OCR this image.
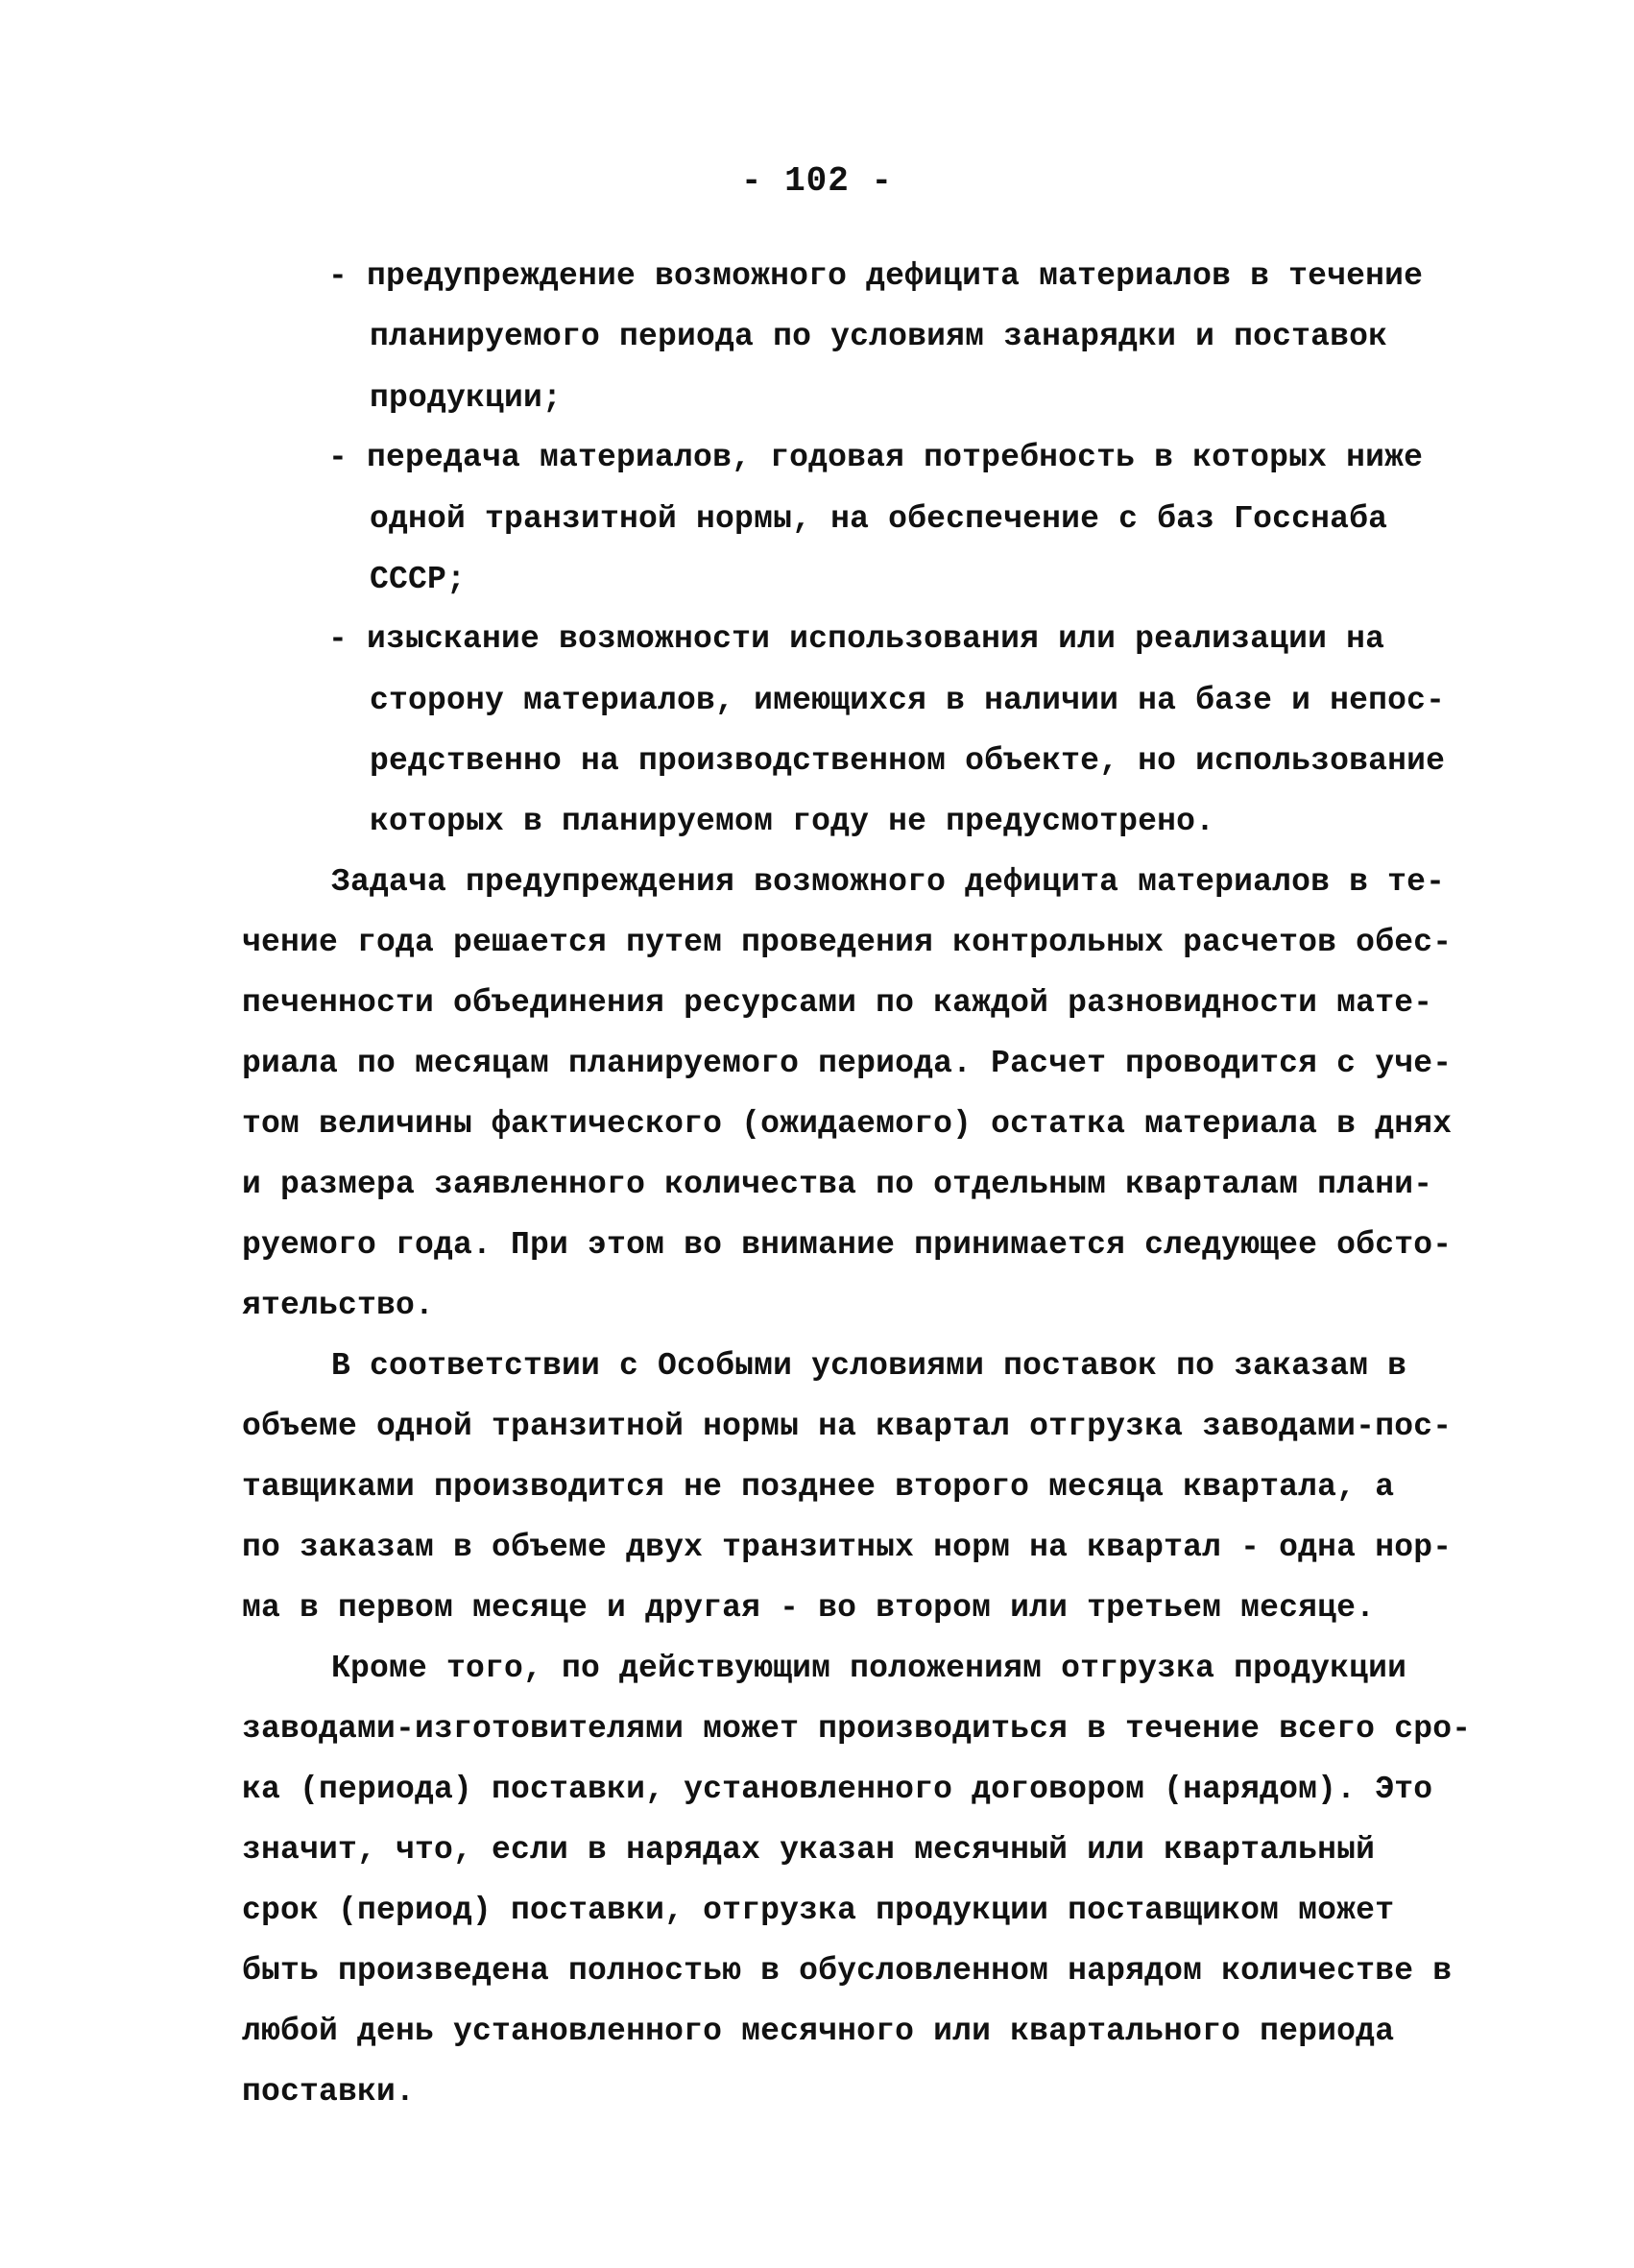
- 102 -
- предупреждение возможного дефицита материалов в течение
планируемого периода по условиям занарядки и поставок
продукции;
- передача материалов, годовая потребность в которых ниже
одной транзитной нормы, на обеспечение с баз Госснаба
СССР;
- изыскание возможности использования или реализации на
сторону материалов, имеющихся в наличии на базе и непос-
редственно на производственном объекте, но использование
которых в планируемом году не предусмотрено.
Задача предупреждения возможного дефицита материалов в те-
чение года решается путем проведения контрольных расчетов обес-
печенности объединения ресурсами по каждой разновидности мате-
риала по месяцам планируемого периода. Расчет проводится с уче-
том величины фактического (ожидаемого) остатка материала в днях
и размера заявленного количества по отдельным кварталам плани-
руемого года. При этом во внимание принимается следующее обсто-
ятельство.
В соответствии с Особыми условиями поставок по заказам в
объеме одной транзитной нормы на квартал отгрузка заводами-пос-
тавщиками производится не позднее второго месяца квартала, а
по заказам в объеме двух транзитных норм на квартал - одна нор-
ма в первом месяце и другая - во втором или третьем месяце.
Кроме того, по действующим положениям отгрузка продукции
заводами-изготовителями может производиться в течение всего сро-
ка (периода) поставки, установленного договором (нарядом). Это
значит, что, если в нарядах указан месячный или квартальный
срок (период) поставки, отгрузка продукции поставщиком может
быть произведена полностью в обусловленном нарядом количестве в
любой день установленного месячного или квартального периода
поставки.
